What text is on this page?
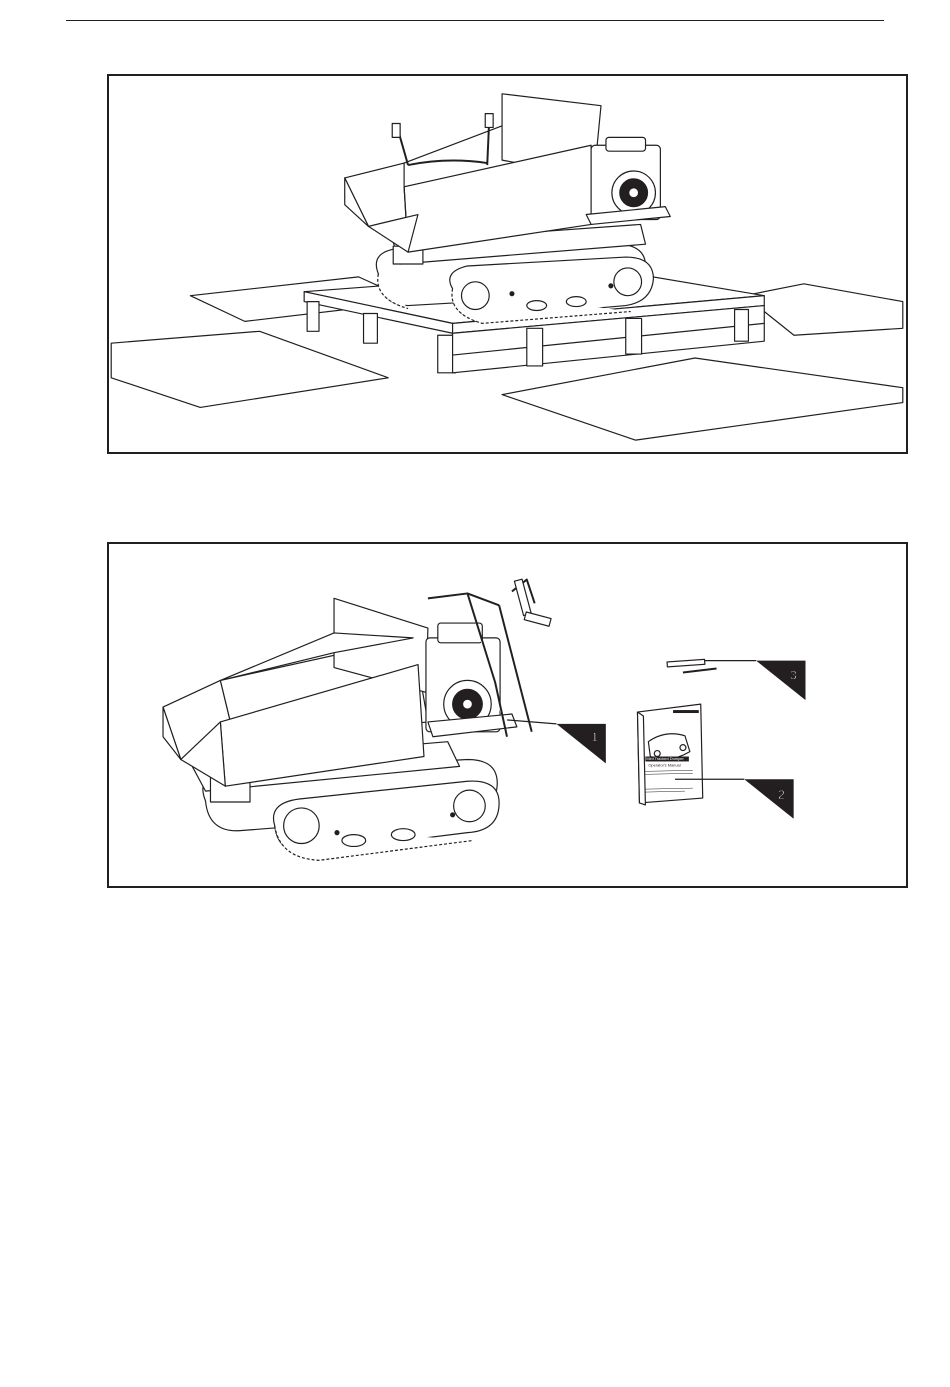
1
Mini Tracked Dumper
Operator's Manual
2
3
